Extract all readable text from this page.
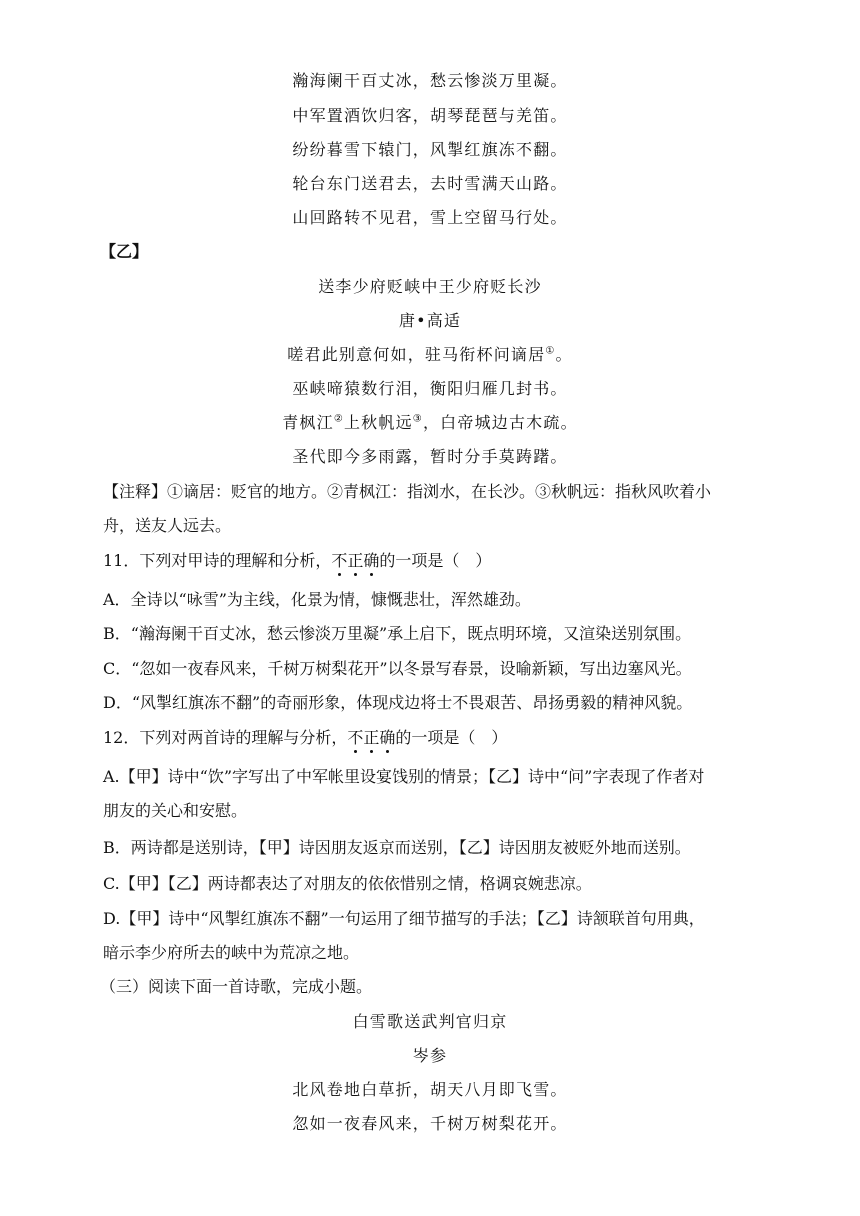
瀚海阑干百丈冰，愁云惨淡万里凝。
中军置酒饮归客，胡琴琵琶与羌笛。
纷纷暮雪下辕门，风掣红旗冻不翻。
轮台东门送君去，去时雪满天山路。
山回路转不见君，雪上空留马行处。
【乙】
送李少府贬峡中王少府贬长沙
唐•高适
嗟君此别意何如，驻马衔杯问谪居①。
巫峡啼猿数行泪，衡阳归雁几封书。
青枫江②上秋帆远③，白帝城边古木疏。
圣代即今多雨露，暂时分手莫踌躇。
【注释】①谪居：贬官的地方。②青枫江：指浏水，在长沙。③秋帆远：指秋风吹着小
舟，送友人远去。
11．下列对甲诗的理解和分析，不正确的一项是（　）
A．全诗以“咏雪”为主线，化景为情，慷慨悲壮，浑然雄劲。
B．“瀚海阑干百丈冰，愁云惨淡万里凝”承上启下，既点明环境，又渲染送别氛围。
C．“忽如一夜春风来，千树万树梨花开”以冬景写春景，设喻新颖，写出边塞风光。
D．“风掣红旗冻不翻”的奇丽形象，体现戍边将士不畏艰苦、昂扬勇毅的精神风貌。
12．下列对两首诗的理解与分析，不正确的一项是（　）
A.【甲】诗中“饮”字写出了中军帐里设宴饯别的情景；【乙】诗中“问”字表现了作者对
朋友的关心和安慰。
B．两诗都是送别诗，【甲】诗因朋友返京而送别，【乙】诗因朋友被贬外地而送别。
C.【甲】【乙】两诗都表达了对朋友的依依惜别之情，格调哀婉悲凉。
D.【甲】诗中“风掣红旗冻不翻”一句运用了细节描写的手法；【乙】诗颔联首句用典，
暗示李少府所去的峡中为荒凉之地。
（三）阅读下面一首诗歌，完成小题。
白雪歌送武判官归京
岑参
北风卷地白草折，胡天八月即飞雪。
忽如一夜春风来，千树万树梨花开。
